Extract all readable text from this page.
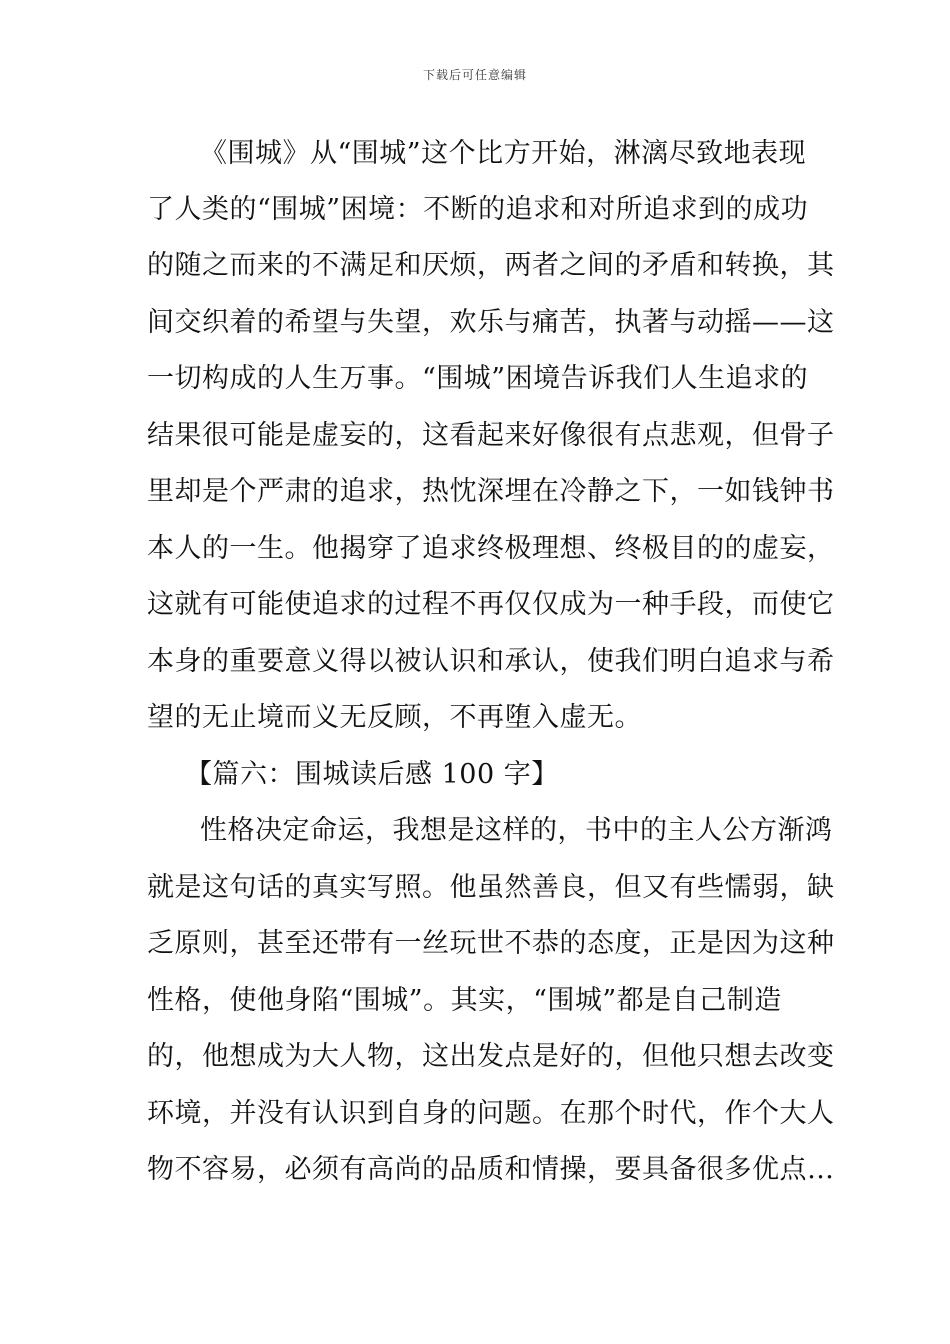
下载后可任意编辑
《围城》从“围城”这个比方开始，淋漓尽致地表现
了人类的“围城”困境：不断的追求和对所追求到的成功
的随之而来的不满足和厌烦，两者之间的矛盾和转换，其
间交织着的希望与失望，欢乐与痛苦，执著与动摇——这
一切构成的人生万事。“围城”困境告诉我们人生追求的
结果很可能是虚妄的，这看起来好像很有点悲观，但骨子
里却是个严肃的追求，热忱深埋在冷静之下，一如钱钟书
本人的一生。他揭穿了追求终极理想、终极目的的虚妄，
这就有可能使追求的过程不再仅仅成为一种手段，而使它
本身的重要意义得以被认识和承认，使我们明白追求与希
望的无止境而义无反顾，不再堕入虚无。
【篇六：围城读后感 100 字】
性格决定命运，我想是这样的，书中的主人公方渐鸿
就是这句话的真实写照。他虽然善良，但又有些懦弱，缺
乏原则，甚至还带有一丝玩世不恭的态度，正是因为这种
性格，使他身陷“围城”。其实，“围城”都是自己制造
的，他想成为大人物，这出发点是好的，但他只想去改变
环境，并没有认识到自身的问题。在那个时代，作个大人
物不容易，必须有高尚的品质和情操，要具备很多优点…
